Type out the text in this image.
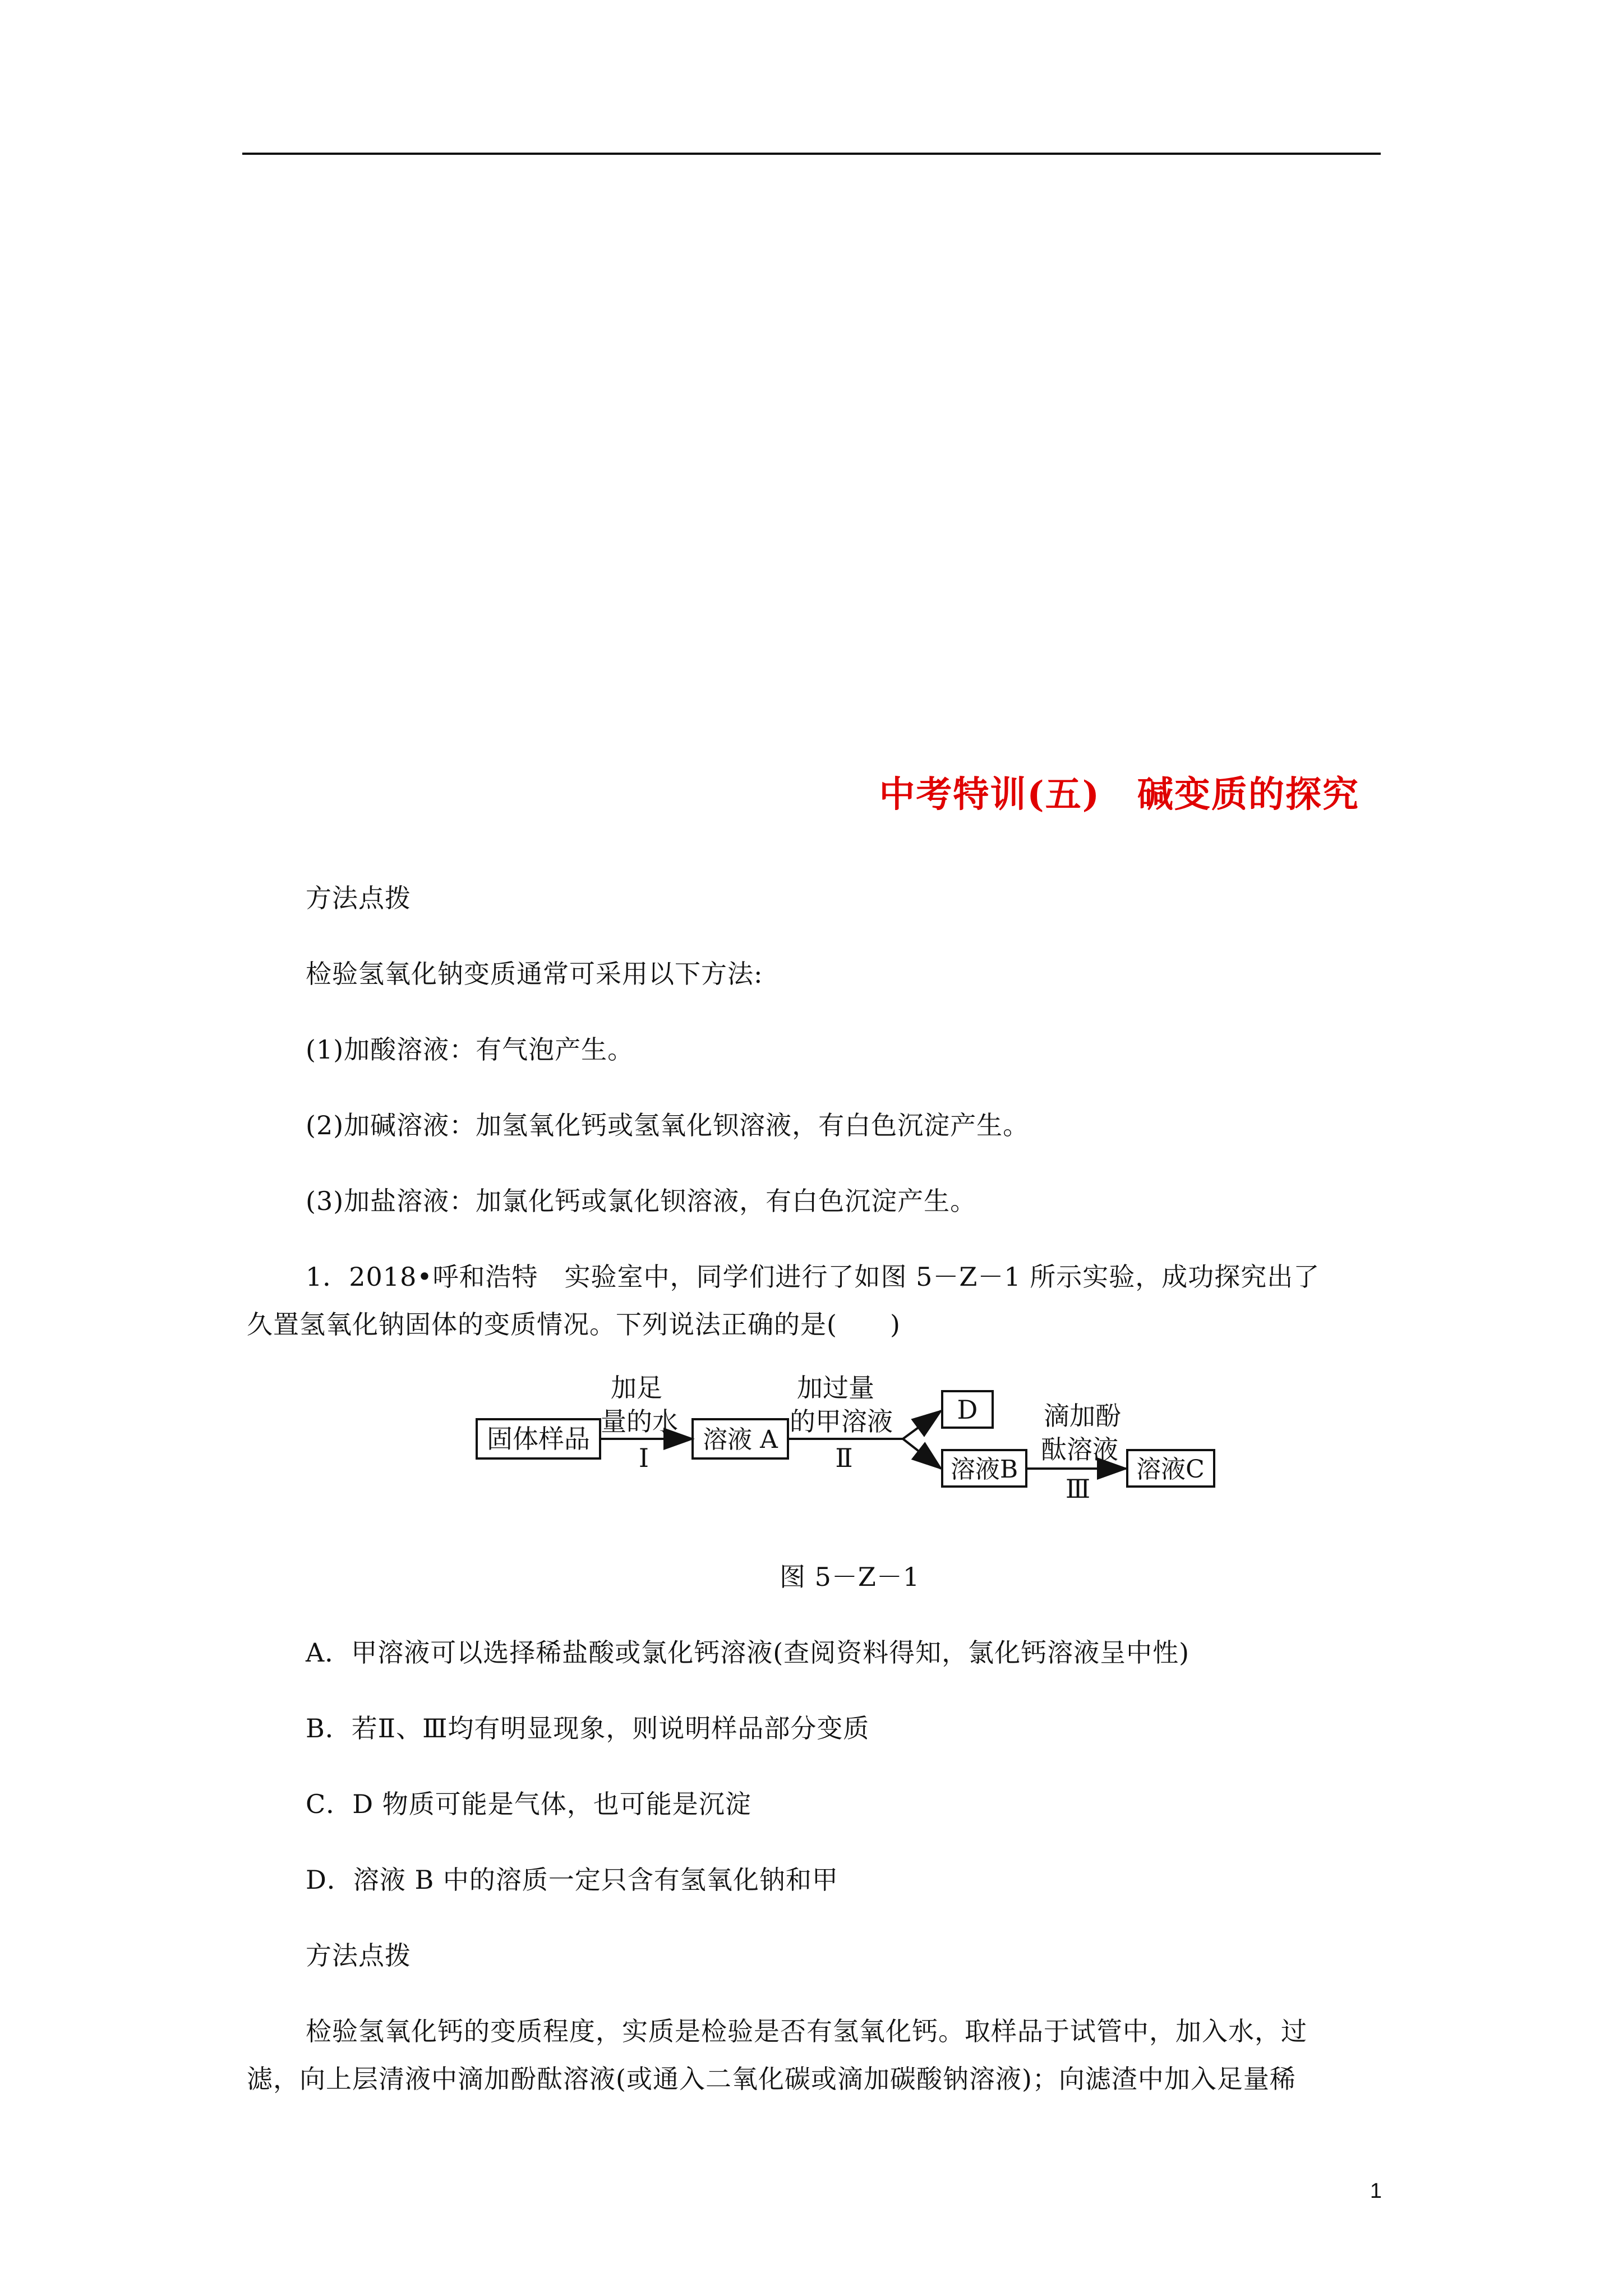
中考特训(五)　碱变质的探究
方法点拨
检验氢氧化钠变质通常可采用以下方法:
(1)加酸溶液：有气泡产生。
(2)加碱溶液：加氢氧化钙或氢氧化钡溶液，有白色沉淀产生。
(3)加盐溶液：加氯化钙或氯化钡溶液，有白色沉淀产生。
1．2018•呼和浩特　实验室中，同学们进行了如图 5－Z－1 所示实验，成功探究出了
久置氢氧化钠固体的变质情况。下列说法正确的是(　　)
固体样品
加足
量的水
Ⅰ
溶液 A
加过量
的甲溶液
Ⅱ
D
溶液B
滴加酚
酞溶液
Ⅲ
溶液C
图 5－Z－1
A．甲溶液可以选择稀盐酸或氯化钙溶液(查阅资料得知，氯化钙溶液呈中性)
B．若Ⅱ、Ⅲ均有明显现象，则说明样品部分变质
C．D 物质可能是气体，也可能是沉淀
D．溶液 B 中的溶质一定只含有氢氧化钠和甲
方法点拨
检验氢氧化钙的变质程度，实质是检验是否有氢氧化钙。取样品于试管中，加入水，过
滤，向上层清液中滴加酚酞溶液(或通入二氧化碳或滴加碳酸钠溶液)；向滤渣中加入足量稀
1
